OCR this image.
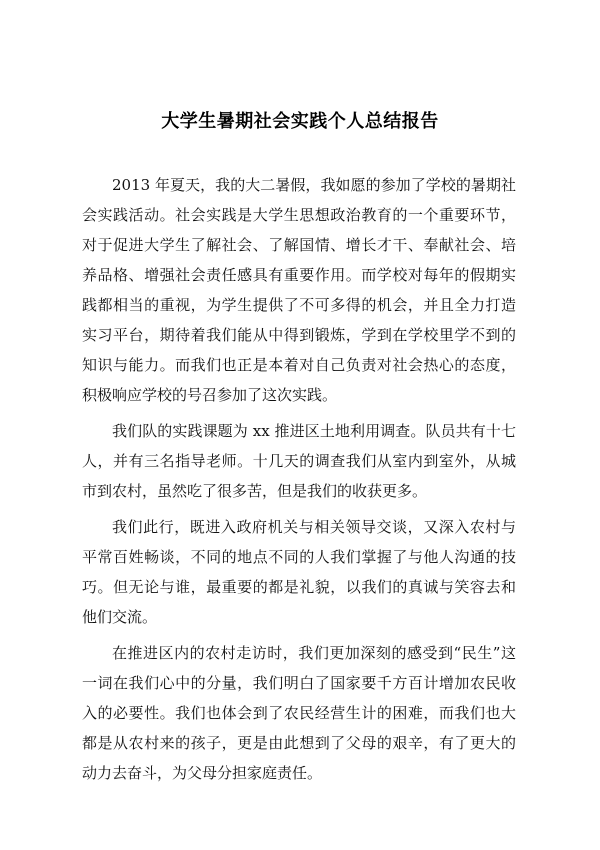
大学生暑期社会实践个人总结报告

2013 年夏天，我的大二暑假，我如愿的参加了学校的暑期社会实践活动。社会实践是大学生思想政治教育的一个重要环节，对于促进大学生了解社会、了解国情、增长才干、奉献社会、培养品格、增强社会责任感具有重要作用。而学校对每年的假期实践都相当的重视，为学生提供了不可多得的机会，并且全力打造实习平台，期待着我们能从中得到锻炼，学到在学校里学不到的知识与能力。而我们也正是本着对自己负责对社会热心的态度，积极响应学校的号召参加了这次实践。

我们队的实践课题为 xx 推进区土地利用调查。队员共有十七人，并有三名指导老师。十几天的调查我们从室内到室外，从城市到农村，虽然吃了很多苦，但是我们的收获更多。

我们此行，既进入政府机关与相关领导交谈，又深入农村与平常百姓畅谈，不同的地点不同的人我们掌握了与他人沟通的技巧。但无论与谁，最重要的都是礼貌，以我们的真诚与笑容去和他们交流。

在推进区内的农村走访时，我们更加深刻的感受到“民生”这一词在我们心中的分量，我们明白了国家要千方百计增加农民收入的必要性。我们也体会到了农民经营生计的困难，而我们也大都是从农村来的孩子，更是由此想到了父母的艰辛，有了更大的动力去奋斗，为父母分担家庭责任。
